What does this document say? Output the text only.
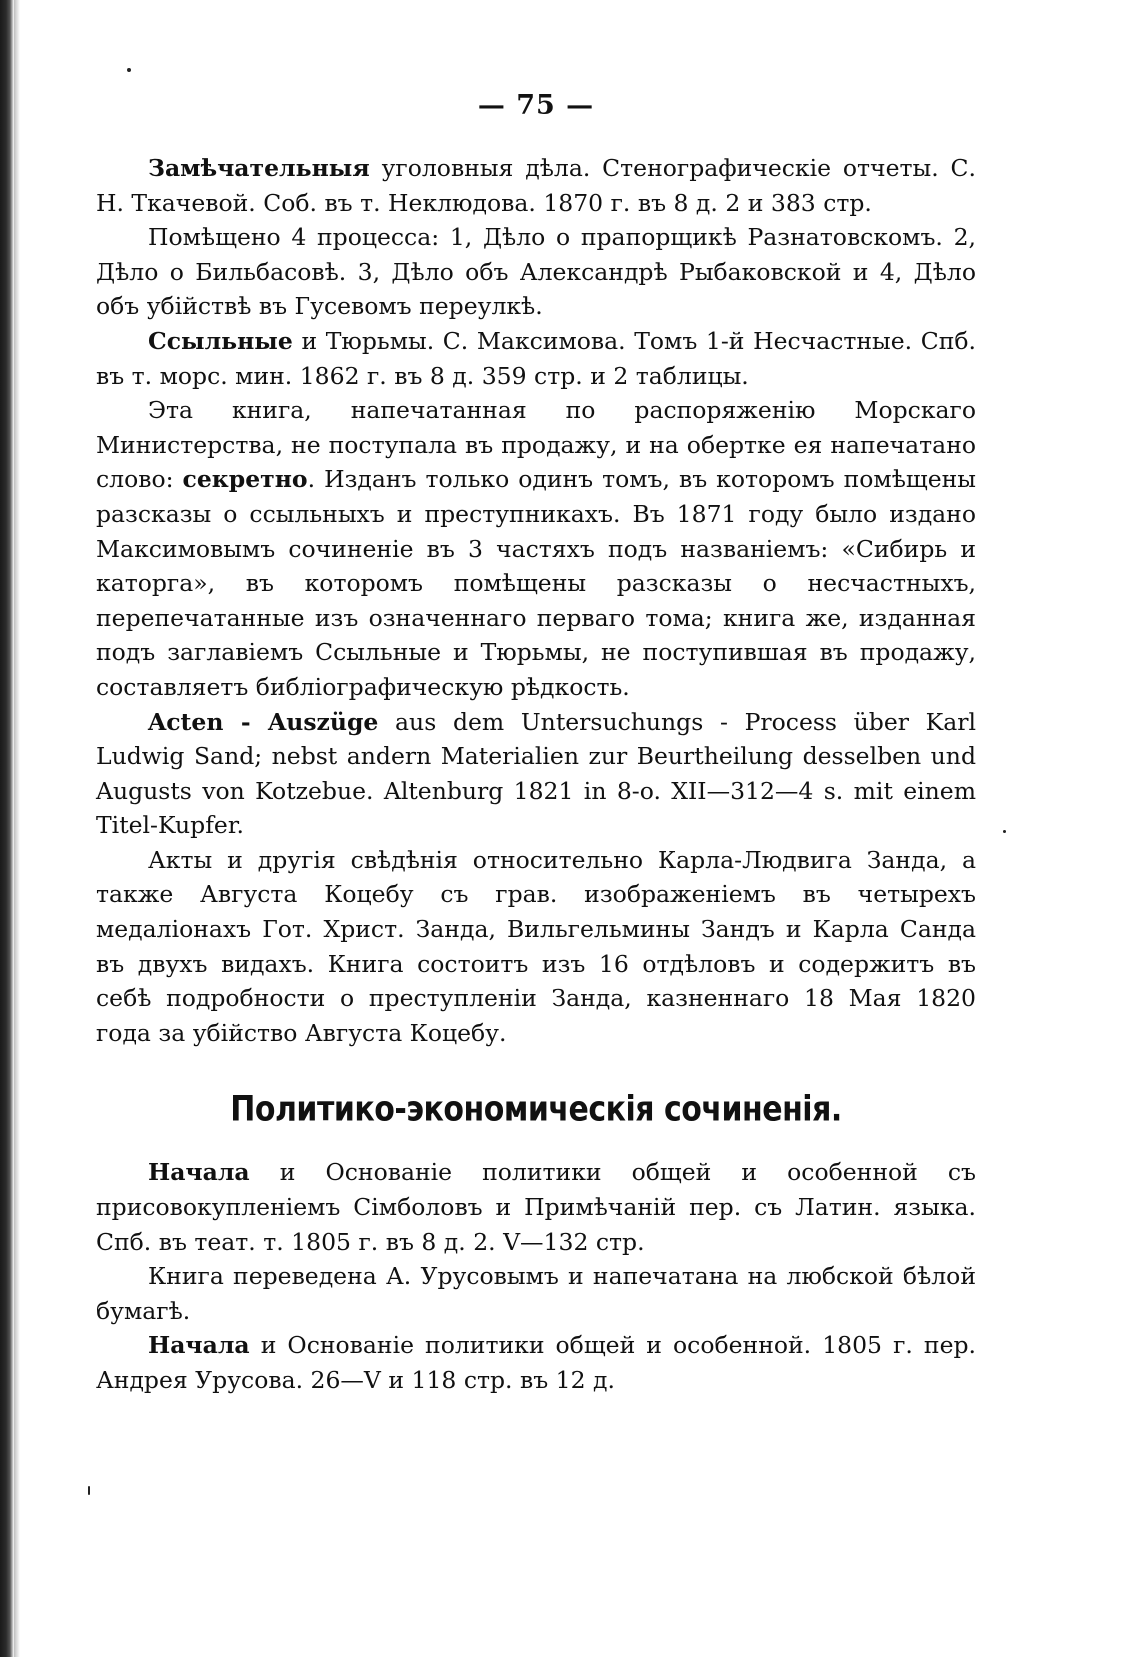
— 75 —

Замѣчательныя уголовныя дѣла. Стенографическіе отчеты. С. Н. Ткачевой. Соб. въ т. Неклюдова. 1870 г. въ 8 д. 2 и 383 стр.

Помѣщено 4 процесса: 1, Дѣло о прапорщикѣ Разнатовскомъ. 2, Дѣло о Бильбасовѣ. 3, Дѣло объ Александрѣ Рыбаковской и 4, Дѣло объ убійствѣ въ Гусевомъ переулкѣ.

Ссыльные и Тюрьмы. С. Максимова. Томъ 1-й Несчастные. Спб. въ т. морс. мин. 1862 г. въ 8 д. 359 стр. и 2 таблицы.

Эта книга, напечатанная по распоряженію Морскаго Министерства, не поступала въ продажу, и на обертке ея напечатано слово: секретно. Изданъ только одинъ томъ, въ которомъ помѣщены разсказы о ссыльныхъ и преступникахъ. Въ 1871 году было издано Максимовымъ сочиненіе въ 3 частяхъ подъ названіемъ: «Сибирь и каторга», въ которомъ помѣщены разсказы о несчастныхъ, перепечатанные изъ означеннаго перваго тома; книга же, изданная подъ заглавіемъ Ссыльные и Тюрьмы, не поступившая въ продажу, составляетъ библіографическую рѣдкость.

Acten - Auszüge aus dem Untersuchungs - Process über Karl Ludwig Sand; nebst andern Materialien zur Beurtheilung desselben und Augusts von Kotzebue. Altenburg 1821 in 8-o. XII—312—4 s. mit einem Titel-Kupfer.

Акты и другія свѣдѣнія относительно Карла-Людвига Занда, а также Августа Коцебу съ грав. изображеніемъ въ четырехъ медаліонахъ Гот. Христ. Занда, Вильгельмины Зандъ и Карла Санда въ двухъ видахъ. Книга состоитъ изъ 16 отдѣловъ и содержитъ въ себѣ подробности о преступленіи Занда, казненнаго 18 Мая 1820 года за убійство Августа Коцебу.

Политико-экономическія сочиненія.

Начала и Основаніе политики общей и особенной съ присовокупленіемъ Сімболовъ и Примѣчаній пер. съ Латин. языка. Спб. въ теат. т. 1805 г. въ 8 д. 2. V—132 стр.

Книга переведена А. Урусовымъ и напечатана на любской бѣлой бумагѣ.

Начала и Основаніе политики общей и особенной. 1805 г. пер. Андрея Урусова. 26—V и 118 стр. въ 12 д.
